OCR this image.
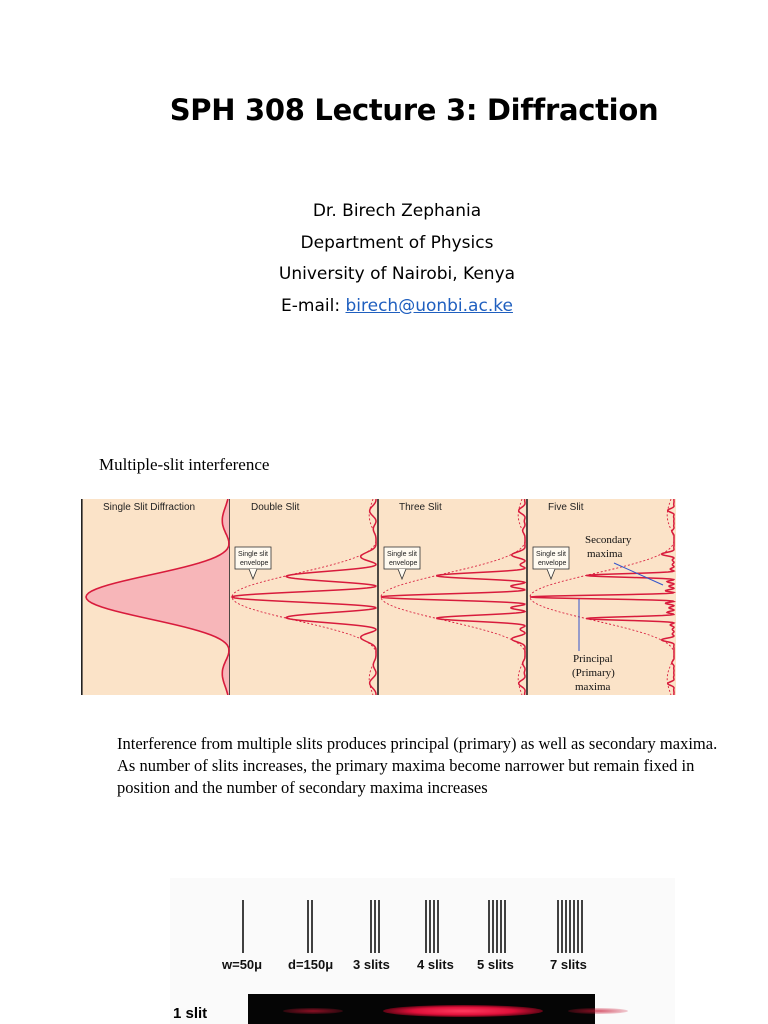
SPH 308 Lecture 3: Diffraction
Dr. Birech Zephania
Department of Physics
University of Nairobi, Kenya
E-mail: birech@uonbi.ac.ke
Multiple-slit interference
Single Slit Diffraction	Double Slit	Three Slit	Five Slit
Single slit
envelope
Single slit
envelope
Single slit
envelope
Secondary
maxima
Principal
(Primary)
maxima
Interference from multiple slits produces principal (primary) as well as secondary maxima.
As number of slits increases, the primary maxima become narrower but remain fixed in position and the number of secondary maxima increases
w=50μ d=150μ 3 slits 4 slits 5 slits	7 slits
1 slit
